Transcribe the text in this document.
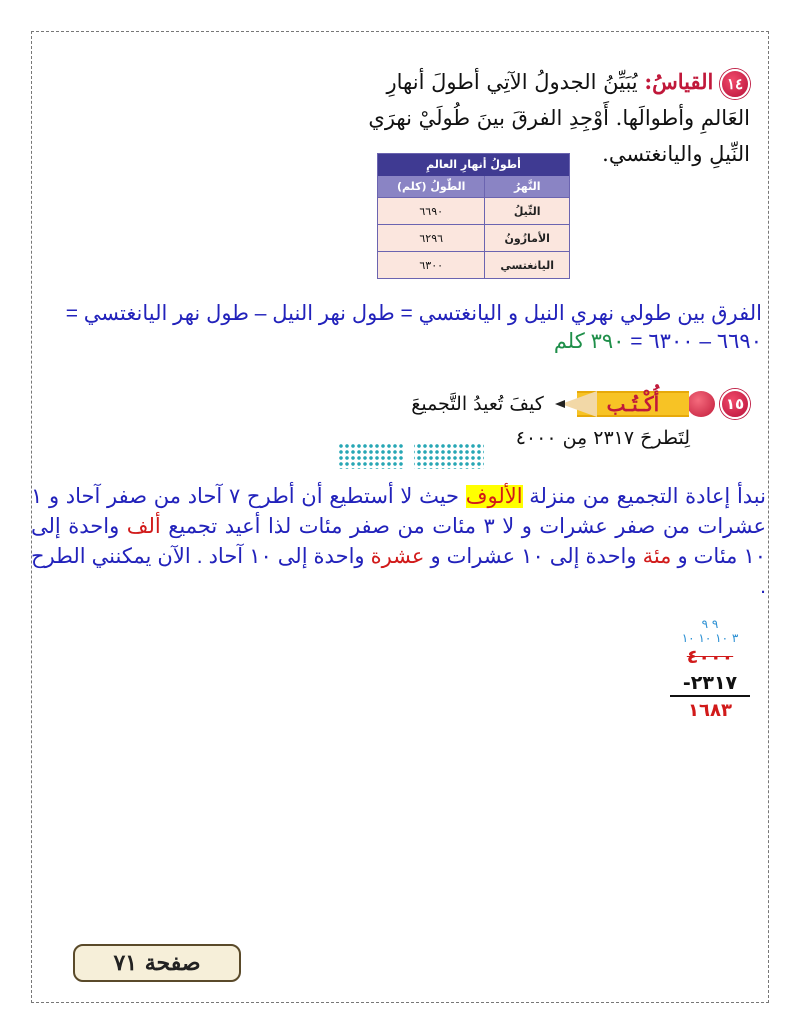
١٤ القياسُ: يُبَيِّنُ الجدولُ الآتِي أطولَ أنهارِ
العَالمِ وأطوالَها. أَوْجِدِ الفرقَ بينَ طُولَيْ نهرَي
النِّيلِ واليانغتسي.
أطولُ أنهارِ العالمِ	
النَّهرُ	الطّولُ (كلم)
النِّيلُ	٦٦٩٠
الأمازُونُ	٦٢٩٦
اليانغتسي	٦٣٠٠
الفرق بين طولي نهري النيل و اليانغتسي = طول نهر النيل – طول نهر اليانغتسي =
٦٦٩٠ – ٦٣٠٠ = ٣٩٠ كلم
١٥
أُكْـتُـب
كيفَ تُعيدُ التَّجميعَ
لِتَطرحَ ٢٣١٧ مِن ٤٠٠٠
نبدأ إعادة التجميع من منزلة الألوف حيث لا أستطيع أن أطرح ٧ آحاد من صفر آحاد و ١ عشرات من صفر عشرات و لا ٣ مئات من صفر مئات لذا أعيد تجميع ألف واحدة إلى ١٠ مئات و مئة واحدة إلى ١٠ عشرات و عشرة واحدة إلى ١٠ آحاد . الآن يمكنني الطرح .
٩ ٩
٣ ١٠ ١٠ ١٠
٤٠٠٠
٢٣١٧-
١٦٨٣
صفحة ٧١
